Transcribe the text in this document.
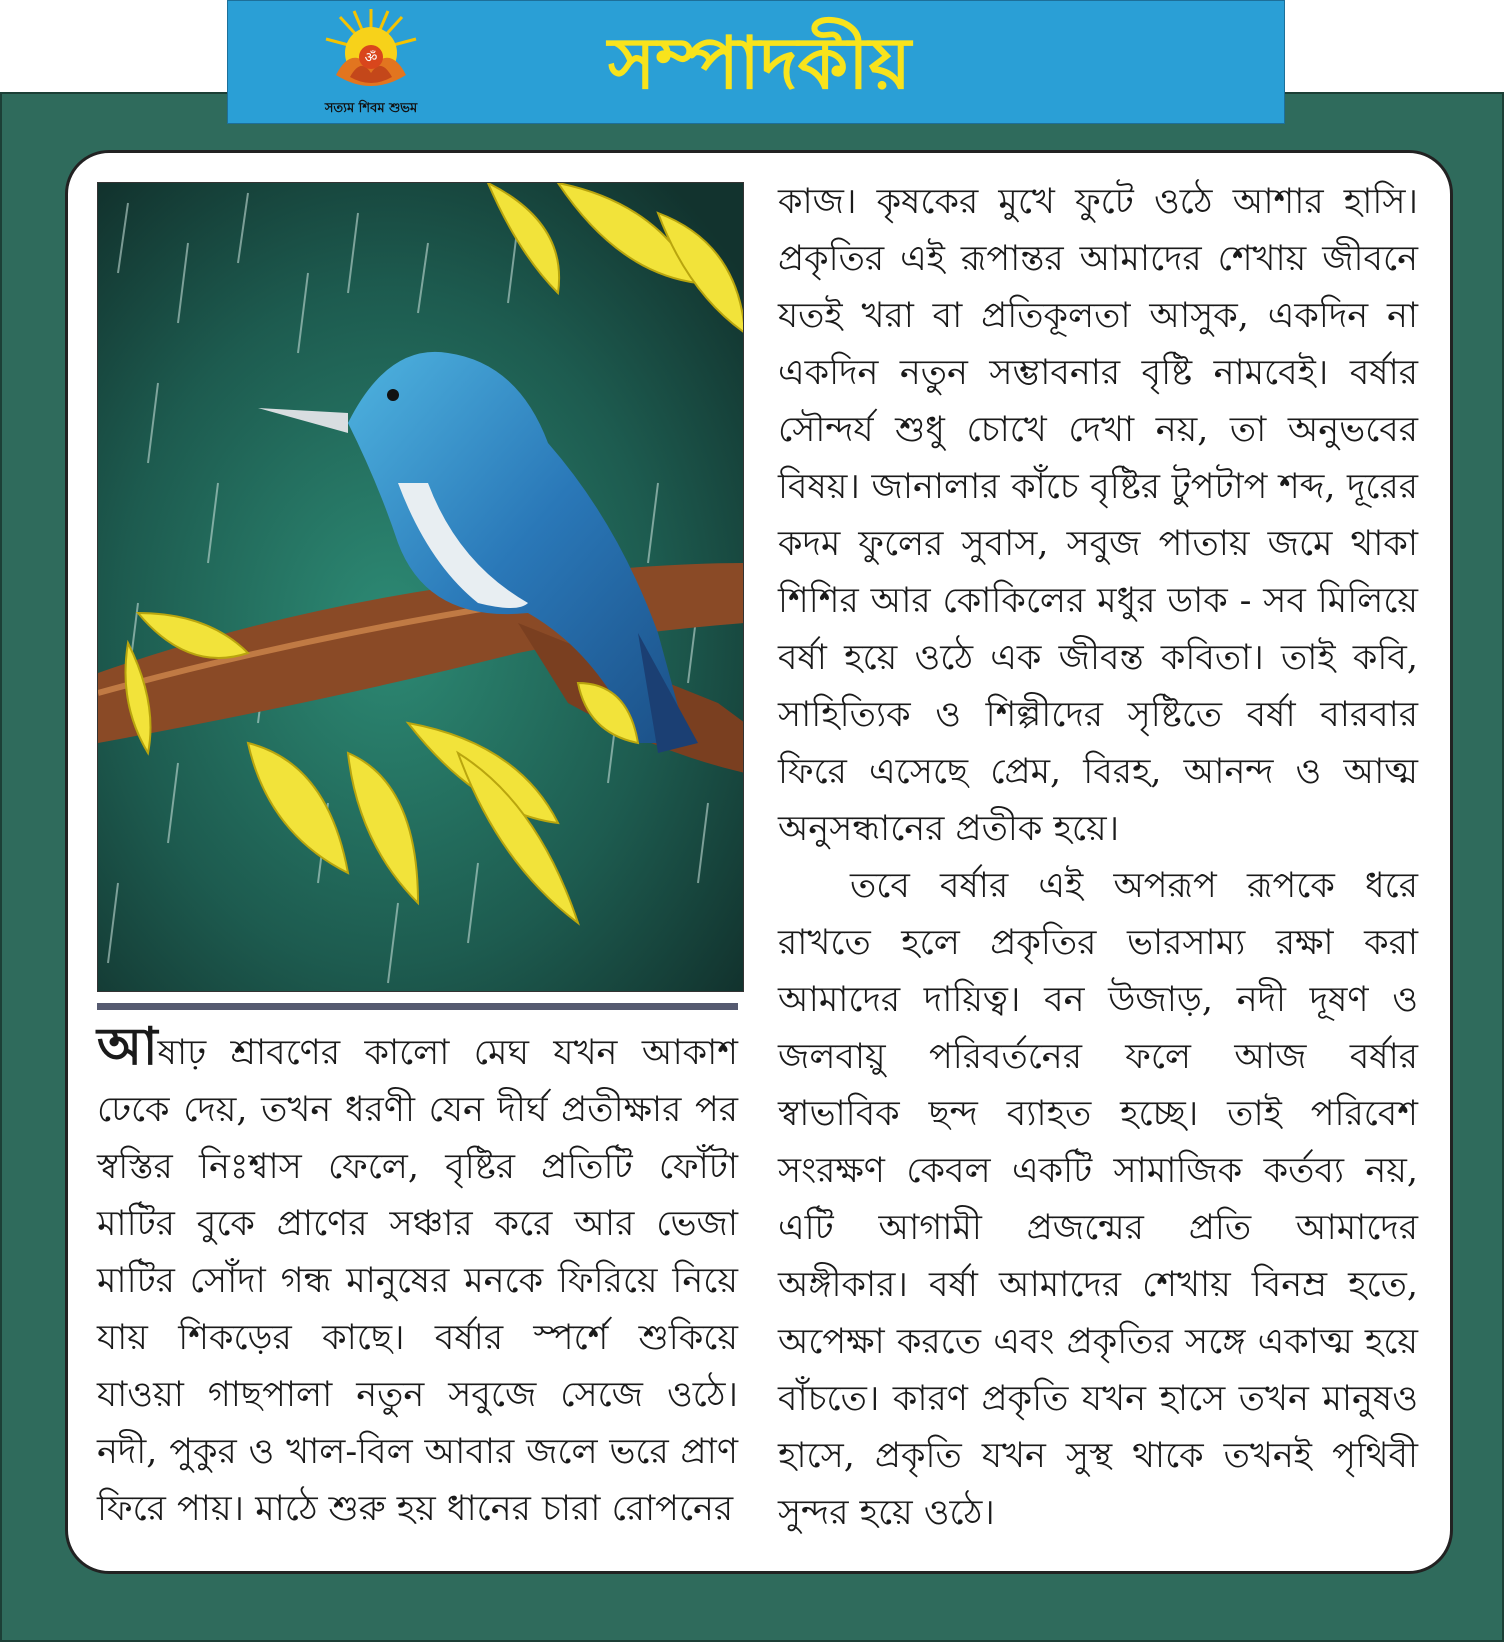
ॐ
সত্যম শিবম শুভম
সম্পাদকীয়

আষাঢ় শ্রাবণের কালো মেঘ যখন আকাশ ঢেকে দেয়, তখন ধরণী যেন দীর্ঘ প্রতীক্ষার পর স্বস্তির নিঃশ্বাস ফেলে, বৃষ্টির প্রতিটি ফোঁটা মাটির বুকে প্রাণের সঞ্চার করে আর ভেজা মাটির সোঁদা গন্ধ মানুষের মনকে ফিরিয়ে নিয়ে যায় শিকড়ের কাছে। বর্ষার স্পর্শে শুকিয়ে যাওয়া গাছপালা নতুন সবুজে সেজে ওঠে। নদী, পুকুর ও খাল-বিল আবার জলে ভরে প্রাণ ফিরে পায়। মাঠে শুরু হয় ধানের চারা রোপনের

কাজ। কৃষকের মুখে ফুটে ওঠে আশার হাসি। প্রকৃতির এই রূপান্তর আমাদের শেখায় জীবনে যতই খরা বা প্রতিকূলতা আসুক, একদিন না একদিন নতুন সম্ভাবনার বৃষ্টি নামবেই। বর্ষার সৌন্দর্য শুধু চোখে দেখা নয়, তা অনুভবের বিষয়। জানালার কাঁচে বৃষ্টির টুপটাপ শব্দ, দূরের কদম ফুলের সুবাস, সবুজ পাতায় জমে থাকা শিশির আর কোকিলের মধুর ডাক - সব মিলিয়ে বর্ষা হয়ে ওঠে এক জীবন্ত কবিতা। তাই কবি, সাহিত্যিক ও শিল্পীদের সৃষ্টিতে বর্ষা বারবার ফিরে এসেছে প্রেম, বিরহ, আনন্দ ও আত্ম অনুসন্ধানের প্রতীক হয়ে।
তবে বর্ষার এই অপরূপ রূপকে ধরে রাখতে হলে প্রকৃতির ভারসাম্য রক্ষা করা আমাদের দায়িত্ব। বন উজাড়, নদী দূষণ ও জলবায়ু পরিবর্তনের ফলে আজ বর্ষার স্বাভাবিক ছন্দ ব্যাহত হচ্ছে। তাই পরিবেশ সংরক্ষণ কেবল একটি সামাজিক কর্তব্য নয়, এটি আগামী প্রজন্মের প্রতি আমাদের অঙ্গীকার। বর্ষা আমাদের শেখায় বিনম্র হতে, অপেক্ষা করতে এবং প্রকৃতির সঙ্গে একাত্ম হয়ে বাঁচতে। কারণ প্রকৃতি যখন হাসে তখন মানুষও হাসে, প্রকৃতি যখন সুস্থ থাকে তখনই পৃথিবী সুন্দর হয়ে ওঠে।
